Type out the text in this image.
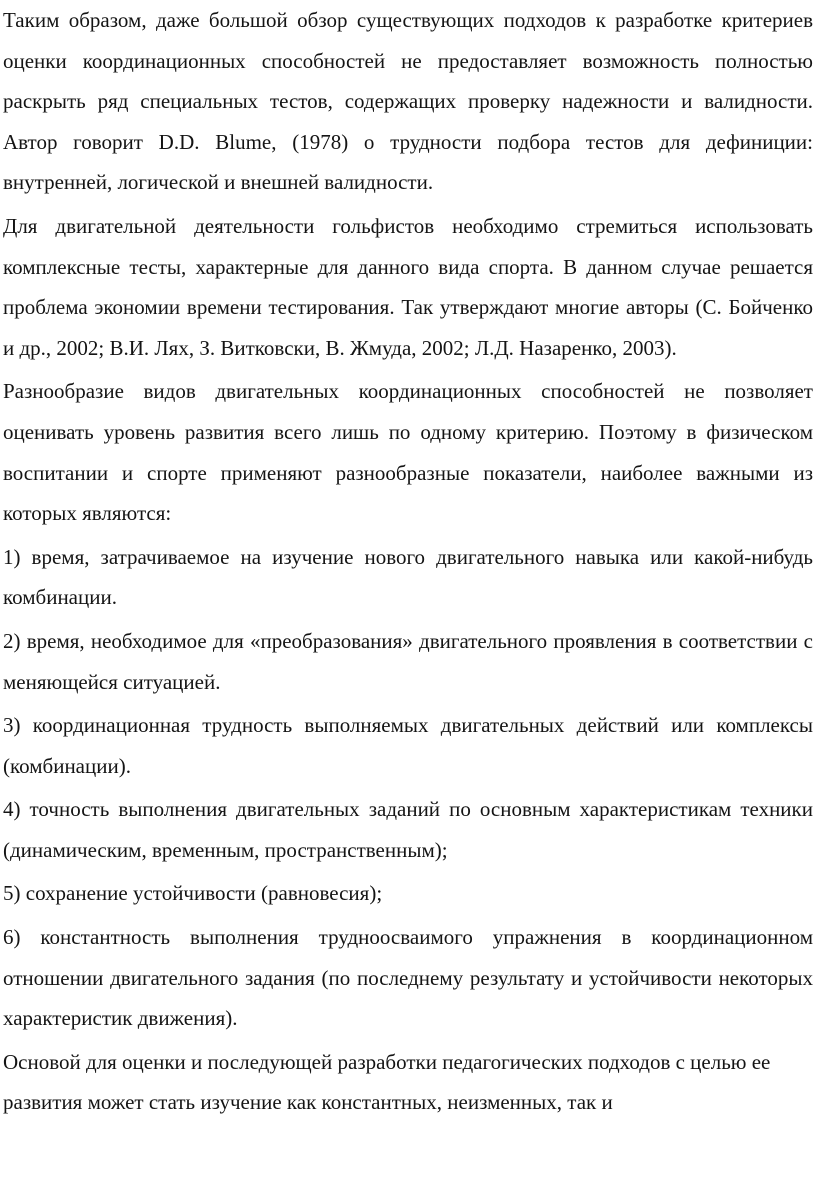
Таким образом, даже большой обзор существующих подходов к разработке критериев оценки координационных способностей не предоставляет возможность полностью раскрыть ряд специальных тестов, содержащих проверку надежности и валидности. Автор говорит D.D. Blume, (1978) о трудности подбора тестов для дефиниции: внутренней, логической и внешней валидности.

Для двигательной деятельности гольфистов необходимо стремиться использовать комплексные тесты, характерные для данного вида спорта. В данном случае решается проблема экономии времени тестирования. Так утверждают многие авторы (С. Бойченко и др., 2002; В.И. Лях, З. Витковски, В. Жмуда, 2002; Л.Д. Назаренко, 2003).

Разнообразие видов двигательных координационных способностей не позволяет оценивать уровень развития всего лишь по одному критерию. Поэтому в физическом воспитании и спорте применяют разнообразные показатели, наиболее важными из которых являются:

1) время, затрачиваемое на изучение нового двигательного навыка или какой-нибудь комбинации.

2) время, необходимое для «преобразования» двигательного проявления в соответствии с меняющейся ситуацией.

3) координационная трудность выполняемых двигательных действий или комплексы (комбинации).

4) точность выполнения двигательных заданий по основным характеристикам техники (динамическим, временным, пространственным);

5) сохранение устойчивости (равновесия);

6) константность выполнения трудноосваимого упражнения в координационном отношении двигательного задания (по последнему результату и устойчивости некоторых характеристик движения).

Основой для оценки и последующей разработки педагогических подходов с целью ее развития может стать изучение как константных, неизменных, так и
